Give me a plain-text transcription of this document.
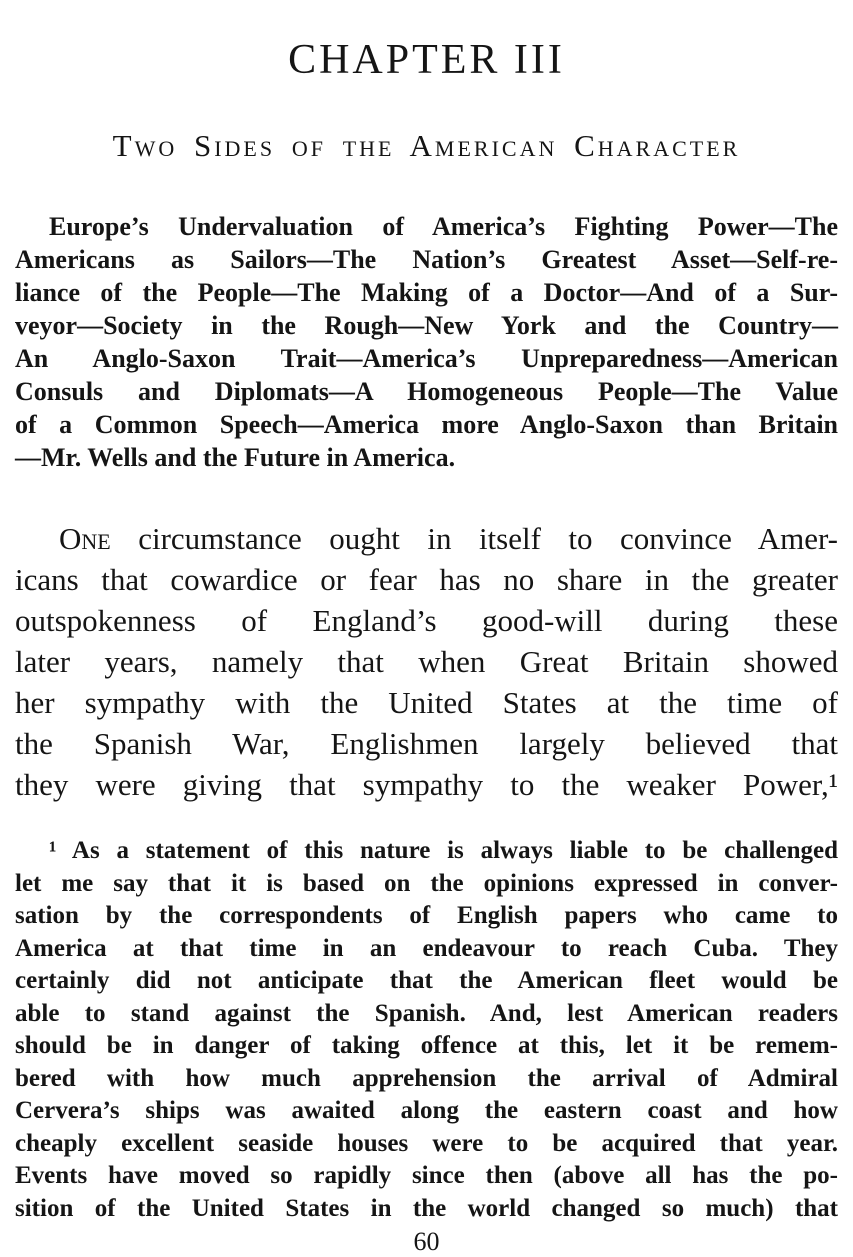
CHAPTER III
Two Sides of the American Character
Europe’s Undervaluation of America’s Fighting Power—The
Americans as Sailors—The Nation’s Greatest Asset—Self-re-
liance of the People—The Making of a Doctor—And of a Sur-
veyor—Society in the Rough—New York and the Country—
An Anglo-Saxon Trait—America’s Unpreparedness—American
Consuls and Diplomats—A Homogeneous People—The Value
of a Common Speech—America more Anglo-Saxon than Britain
—Mr. Wells and the Future in America.
One circumstance ought in itself to convince Amer-
icans that cowardice or fear has no share in the greater
outspokenness of England’s good-will during these
later years, namely that when Great Britain showed
her sympathy with the United States at the time of
the Spanish War, Englishmen largely believed that
they were giving that sympathy to the weaker Power,¹
¹ As a statement of this nature is always liable to be challenged
let me say that it is based on the opinions expressed in conver-
sation by the correspondents of English papers who came to
America at that time in an endeavour to reach Cuba. They
certainly did not anticipate that the American fleet would be
able to stand against the Spanish. And, lest American readers
should be in danger of taking offence at this, let it be remem-
bered with how much apprehension the arrival of Admiral
Cervera’s ships was awaited along the eastern coast and how
cheaply excellent seaside houses were to be acquired that year.
Events have moved so rapidly since then (above all has the po-
sition of the United States in the world changed so much) that
60
